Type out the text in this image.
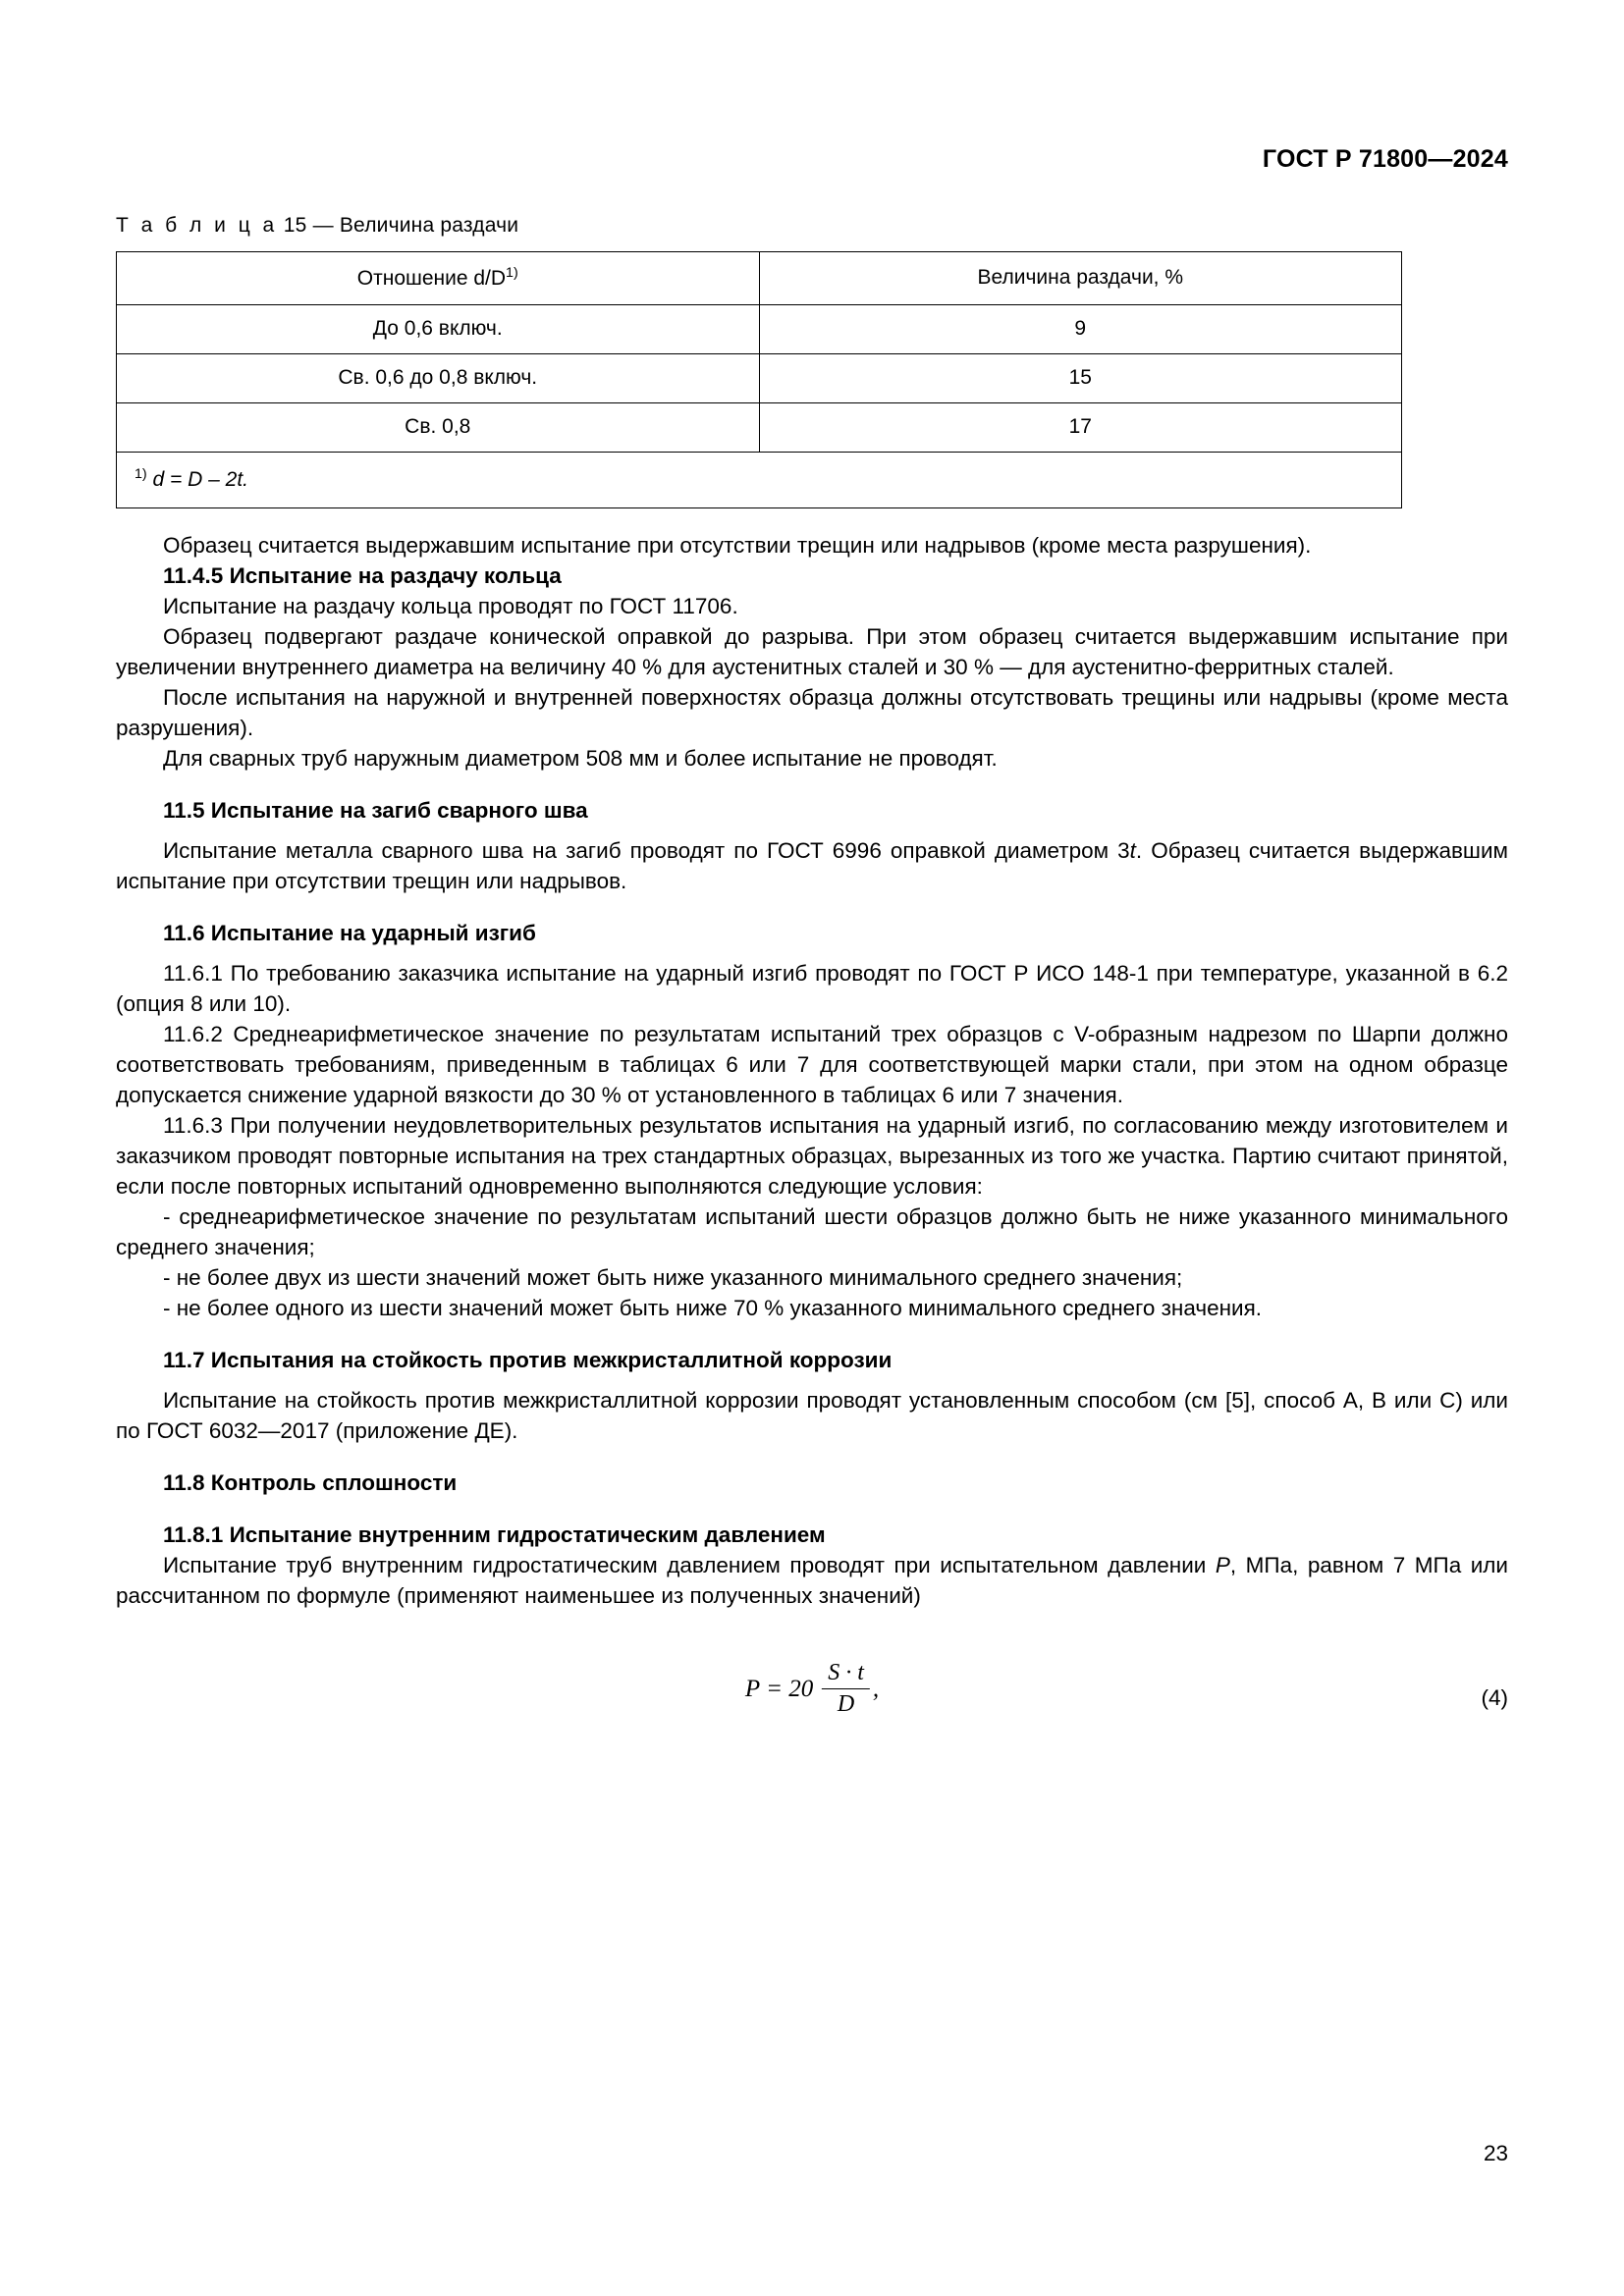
ГОСТ Р 71800—2024
Т а б л и ц а 15 — Величина раздачи
Отношение $d/D^{1)}$	Величина раздачи, %
До 0,6 включ.	9
Св. 0,6 до 0,8 включ.	15
Св. 0,8	17
$^{1)}$ d = D – 2t.	

Образец считается выдержавшим испытание при отсутствии трещин или надрывов (кроме места разрушения).

11.4.5 Испытание на раздачу кольца

Испытание на раздачу кольца проводят по ГОСТ 11706.

Образец подвергают раздаче конической оправкой до разрыва. При этом образец считается выдержавшим испытание при увеличении внутреннего диаметра на величину 40 % для аустенитных сталей и 30 % — для аустенитно-ферритных сталей.

После испытания на наружной и внутренней поверхностях образца должны отсутствовать трещины или надрывы (кроме места разрушения).

Для сварных труб наружным диаметром 508 мм и более испытание не проводят.

11.5 Испытание на загиб сварного шва

Испытание металла сварного шва на загиб проводят по ГОСТ 6996 оправкой диаметром 3t. Образец считается выдержавшим испытание при отсутствии трещин или надрывов.

11.6 Испытание на ударный изгиб

11.6.1 По требованию заказчика испытание на ударный изгиб проводят по ГОСТ Р ИСО 148-1 при температуре, указанной в 6.2 (опция 8 или 10).

11.6.2 Среднеарифметическое значение по результатам испытаний трех образцов с V-образным надрезом по Шарпи должно соответствовать требованиям, приведенным в таблицах 6 или 7 для соответствующей марки стали, при этом на одном образце допускается снижение ударной вязкости до 30 % от установленного в таблицах 6 или 7 значения.

11.6.3 При получении неудовлетворительных результатов испытания на ударный изгиб, по согласованию между изготовителем и заказчиком проводят повторные испытания на трех стандартных образцах, вырезанных из того же участка. Партию считают принятой, если после повторных испытаний одновременно выполняются следующие условия:

- среднеарифметическое значение по результатам испытаний шести образцов должно быть не ниже указанного минимального среднего значения;

- не более двух из шести значений может быть ниже указанного минимального среднего значения;

- не более одного из шести значений может быть ниже 70 % указанного минимального среднего значения.

11.7 Испытания на стойкость против межкристаллитной коррозии

Испытание на стойкость против межкристаллитной коррозии проводят установленным способом (см [5], способ A, B или C) или по ГОСТ 6032—2017 (приложение ДЕ).

11.8 Контроль сплошности

11.8.1 Испытание внутренним гидростатическим давлением

Испытание труб внутренним гидростатическим давлением проводят при испытательном давлении P, МПа, равном 7 МПа или рассчитанном по формуле (применяют наименьшее из полученных значений)

$P = 20 \frac{S \cdot t}{D}$ ,	(4)
23
